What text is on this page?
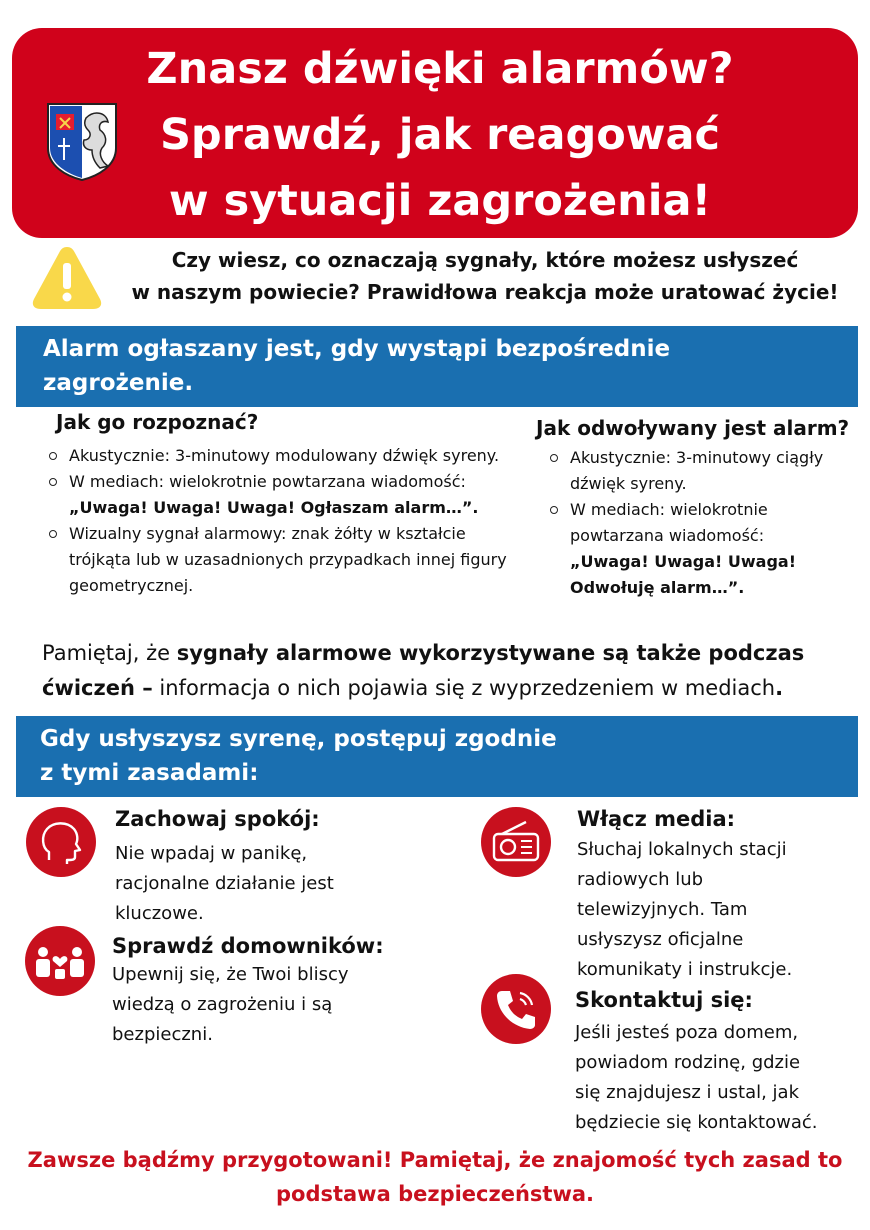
Znasz dźwięki alarmów?
Sprawdź, jak reagować
w sytuacji zagrożenia!
Czy wiesz, co oznaczają sygnały, które możesz usłyszeć
w naszym powiecie? Prawidłowa reakcja może uratować życie!
Alarm ogłaszany jest, gdy wystąpi bezpośrednie
zagrożenie.
Jak go rozpoznać?
Akustycznie: 3-minutowy modulowany dźwięk syreny.
W mediach: wielokrotnie powtarzana wiadomość:
„Uwaga! Uwaga! Uwaga! Ogłaszam alarm…”.
Wizualny sygnał alarmowy: znak żółty w kształcie trójkąta lub w uzasadnionych przypadkach innej figury geometrycznej.
Jak odwoływany jest alarm?
Akustycznie: 3-minutowy ciągły dźwięk syreny.
W mediach: wielokrotnie powtarzana wiadomość:
„Uwaga! Uwaga! Uwaga! Odwołuję alarm…”.
Pamiętaj, że sygnały alarmowe wykorzystywane są także podczas ćwiczeń – informacja o nich pojawia się z wyprzedzeniem w mediach.
Gdy usłyszysz syrenę, postępuj zgodnie
z tymi zasadami:
Zachowaj spokój:
Nie wpadaj w panikę,
racjonalne działanie jest
kluczowe.
Sprawdź domowników:
Upewnij się, że Twoi bliscy
wiedzą o zagrożeniu i są
bezpieczni.
Włącz media:
Słuchaj lokalnych stacji
radiowych lub
telewizyjnych. Tam
usłyszysz oficjalne
komunikaty i instrukcje.
Skontaktuj się:
Jeśli jesteś poza domem,
powiadom rodzinę, gdzie
się znajdujesz i ustal, jak
będziecie się kontaktować.
Zawsze bądźmy przygotowani! Pamiętaj, że znajomość tych zasad to
podstawa bezpieczeństwa.
